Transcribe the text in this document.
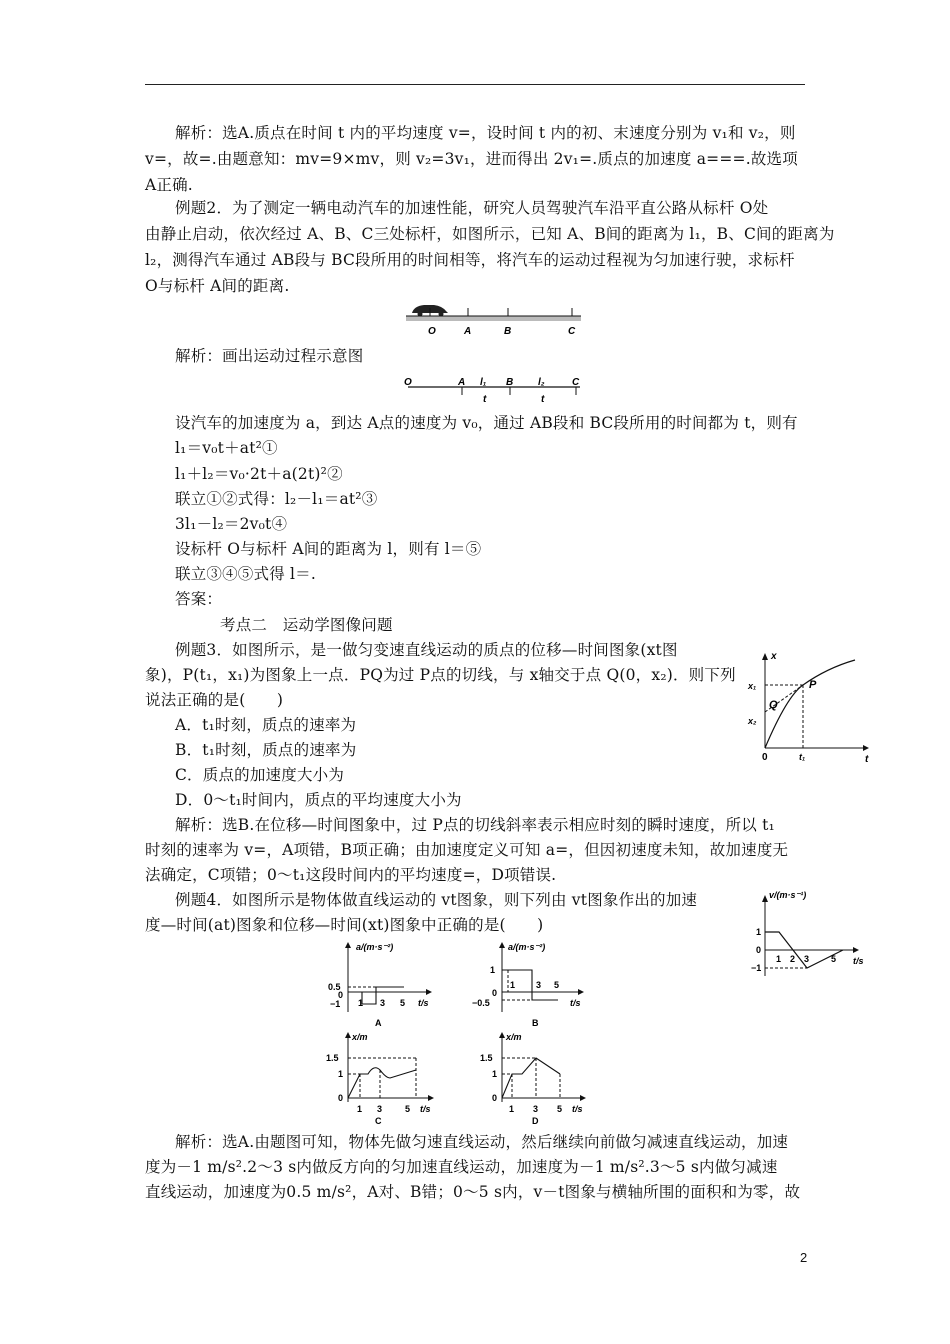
解析：选A.质点在时间 t 内的平均速度 v=，设时间 t 内的初、末速度分别为 v₁和 v₂，则
v=，故=.由题意知：mv=9×mv，则 v₂=3v₁，进而得出 2v₁=.质点的加速度 a===.故选项
A正确.
例题2．为了测定一辆电动汽车的加速性能，研究人员驾驶汽车沿平直公路从标杆 O处
由静止启动，依次经过 A、B、C三处标杆，如图所示，已知 A、B间的距离为 l₁，B、C间的距离为
l₂，测得汽车通过 AB段与 BC段所用的时间相等，将汽车的运动过程视为匀加速行驶，求标杆
O与标杆 A间的距离.
解析：画出运动过程示意图
设汽车的加速度为 a，到达 A点的速度为 v₀，通过 AB段和 BC段所用的时间都为 t，则有
l₁＝v₀t＋at²①
l₁＋l₂＝v₀·2t＋a(2t)²②
联立①②式得：l₂－l₁＝at²③
3l₁－l₂＝2v₀t④
设标杆 O与标杆 A间的距离为 l，则有 l＝⑤
联立③④⑤式得 l＝.
答案：
考点二　运动学图像问题
例题3．如图所示，是一做匀变速直线运动的质点的位移—时间图象(xt图
象)，P(t₁，x₁)为图象上一点．PQ为过 P点的切线，与 x轴交于点 Q(0，x₂)．则下列
说法正确的是(　　)
A．t₁时刻，质点的速率为
B．t₁时刻，质点的速率为
C．质点的加速度大小为
D．0～t₁时间内，质点的平均速度大小为
解析：选B.在位移—时间图象中，过 P点的切线斜率表示相应时刻的瞬时速度，所以 t₁
时刻的速率为 v=，A项错，B项正确；由加速度定义可知 a=，但因初速度未知，故加速度无
法确定，C项错；0～t₁这段时间内的平均速度=，D项错误.
例题4．如图所示是物体做直线运动的 vt图象，则下列由 vt图象作出的加速
度—时间(at)图象和位移—时间(xt)图象中正确的是(　　)
解析：选A.由题图可知，物体先做匀速直线运动，然后继续向前做匀减速直线运动，加速
度为－1 m/s².2～3 s内做反方向的匀加速直线运动，加速度为－1 m/s².3～5 s内做匀减速
直线运动，加速度为0.5 m/s²，A对、B错；0～5 s内，v－t图象与横轴所围的面积和为零，故
2
O	A	B	C
O	A	B	C
l₁	l₂
t	t
x
t
0
x₁
x₂
t₁
P
Q
v/(m·s⁻¹)
t/s
1
0
−1
1 2 3 5
a/(m·s⁻²)
t/s
0.5
0
−1 1 3 5
A
a/(m·s⁻²)
t/s
1
0
−0.5
1 3 5
B
x/m
t/s
1.5
1
0
1 3	5
C
x/m
t/s
1.5
1
0
1 3 5
D
